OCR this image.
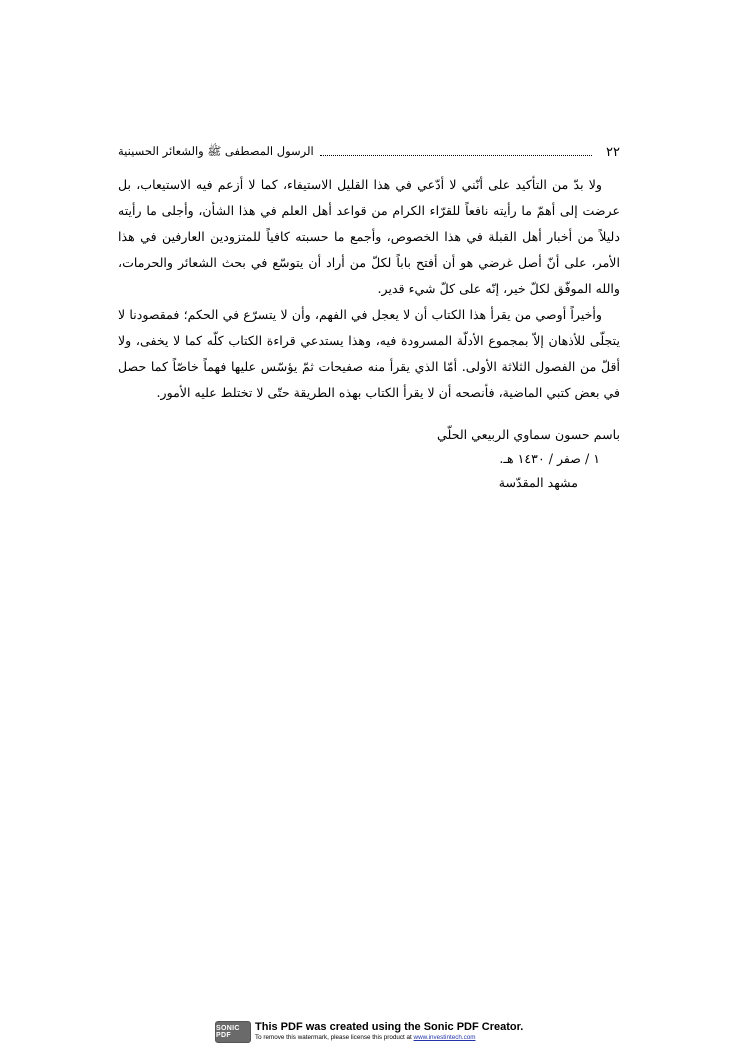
٢٢
الرسول المصطفى ﷺ والشعائر الحسينية

ولا بدّ من التأكيد على أنّني لا أدّعي في هذا القليل الاستيفاء، كما لا أزعم فيه الاستيعاب، بل عرضت إلى أهمّ ما رأيته نافعاً للقرّاء الكرام من قواعد أهل العلم في هذا الشأن، وأجلى ما رأيته دليلاً من أخبار أهل القبلة في هذا الخصوص، وأجمع ما حسبته كافياً للمتزودين العارفين في هذا الأمر، على أنّ أصل غرضي هو أن أفتح باباً لكلّ من أراد أن يتوسّع في بحث الشعائر والحرمات، والله الموفّق لكلّ خير، إنّه على كلّ شيء قدير.

وأخيراً أوصي من يقرأ هذا الكتاب أن لا يعجل في الفهم، وأن لا يتسرّع في الحكم؛ فمقصودنا لا يتجلّى للأذهان إلاّ بمجموع الأدلّة المسرودة فيه، وهذا يستدعي قراءة الكتاب كلّه كما لا يخفى، ولا أقلّ من الفصول الثلاثة الأولى. أمّا الذي يقرأ منه صفيحات ثمّ يؤسّس عليها فهماً خاصّاً كما حصل في بعض كتبي الماضية، فأنصحه أن لا يقرأ الكتاب بهذه الطريقة حتّى لا تختلط عليه الأمور.

باسم حسون سماوي الربيعي الحلّي
١ / صفر / ١٤٣٠ هـ.
مشهد المقدّسة
SONIC PDF
This PDF was created using the Sonic PDF Creator.
To remove this watermark, please license this product at www.investintech.com
